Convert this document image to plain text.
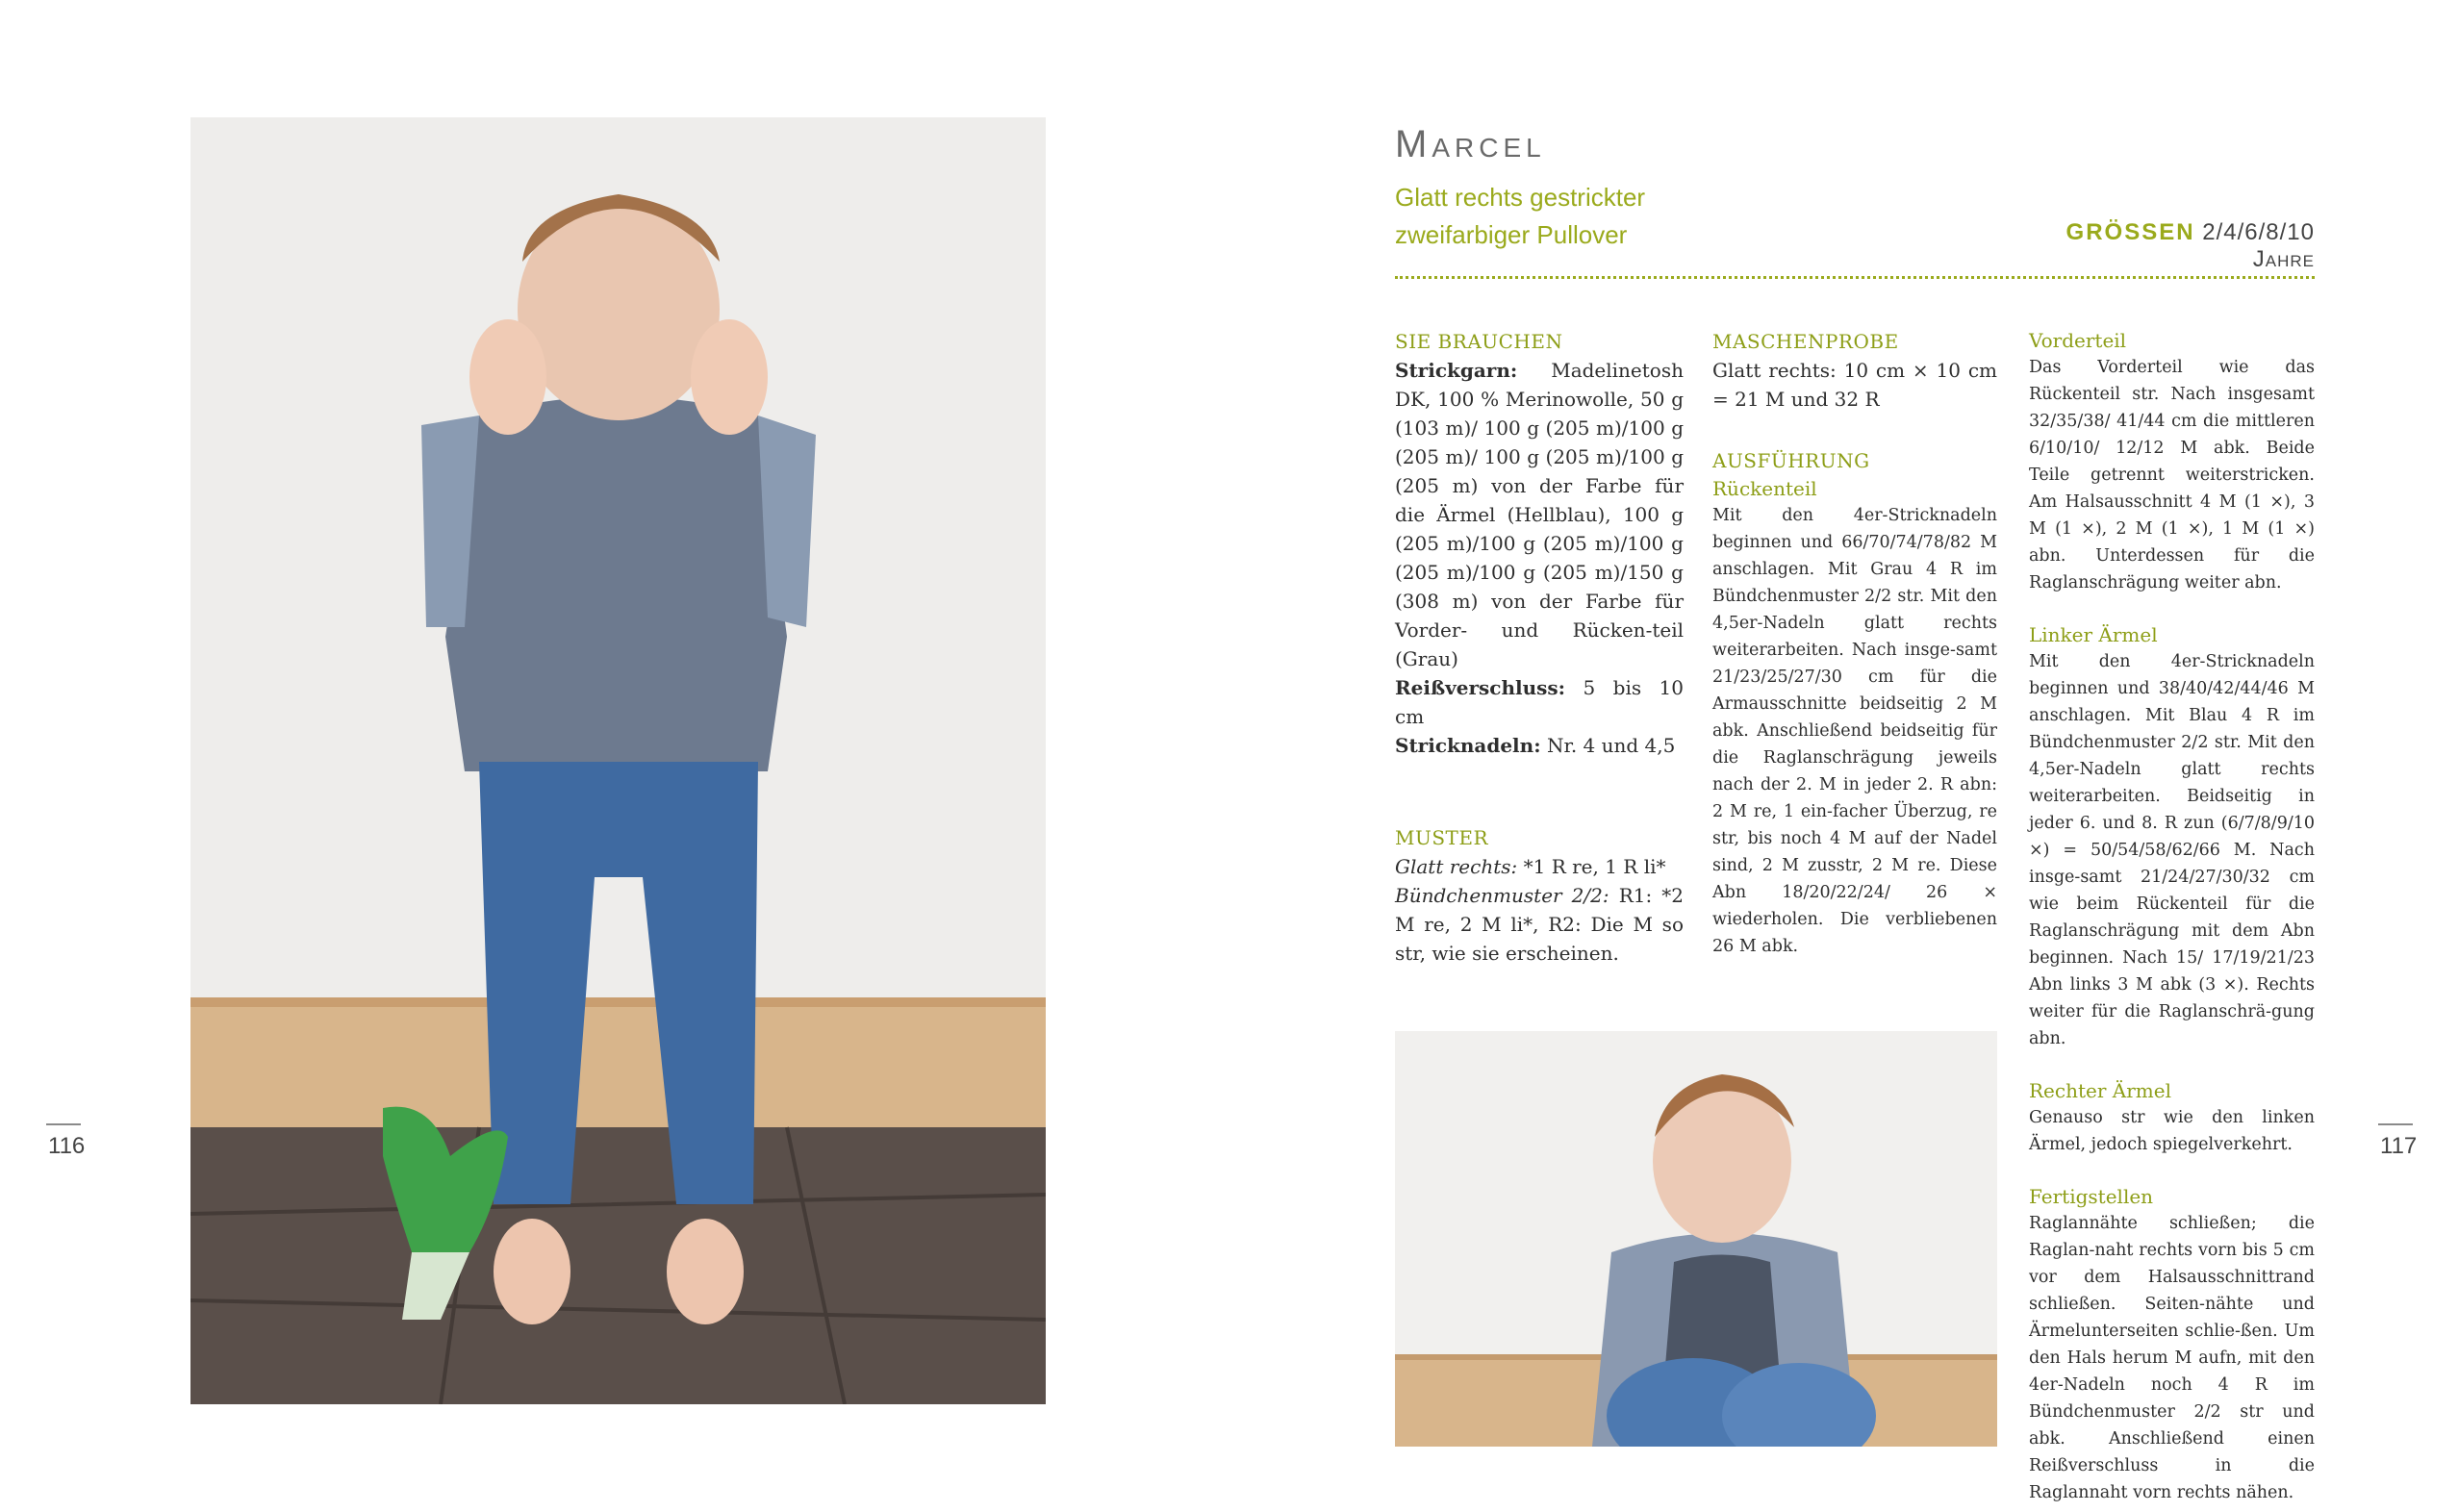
116	117
Marcel
Glatt rechts gestrickter
zweifarbiger Pullover	GRÖSSEN 2/4/6/8/10 Jahre

SIE BRAUCHEN

Strickgarn: Madelinetosh DK, 100 % Merinowolle, 50 g (103 m)/ 100 g (205 m)/100 g (205 m)/ 100 g (205 m)/100 g (205 m) von der Farbe für die Ärmel (Hellblau), 100 g (205 m)/100 g (205 m)/100 g (205 m)/100 g (205 m)/150 g (308 m) von der Farbe für Vorder- und Rücken-teil (Grau)

Reißverschluss: 5 bis 10 cm

Stricknadeln: Nr. 4 und 4,5

MUSTER

Glatt rechts: *1 R re, 1 R li*

Bündchenmuster 2/2: R1: *2 M re, 2 M li*, R2: Die M so str, wie sie erscheinen.

MASCHENPROBE

Glatt rechts: 10 cm × 10 cm = 21 M und 32 R

AUSFÜHRUNG

Rückenteil

Mit den 4er-Stricknadeln beginnen und 66/70/74/78/82 M anschlagen. Mit Grau 4 R im Bündchenmuster 2/2 str. Mit den 4,5er-Nadeln glatt rechts weiterarbeiten. Nach insge-samt 21/23/25/27/30 cm für die Armausschnitte beidseitig 2 M abk. Anschließend beidseitig für die Raglanschrägung jeweils nach der 2. M in jeder 2. R abn: 2 M re, 1 ein-facher Überzug, re str, bis noch 4 M auf der Nadel sind, 2 M zusstr, 2 M re. Diese Abn 18/20/22/24/ 26 × wiederholen. Die verbliebenen 26 M abk.

Vorderteil

Das Vorderteil wie das Rückenteil str. Nach insgesamt 32/35/38/ 41/44 cm die mittleren 6/10/10/ 12/12 M abk. Beide Teile getrennt weiterstricken. Am Halsausschnitt 4 M (1 ×), 3 M (1 ×), 2 M (1 ×), 1 M (1 ×) abn. Unterdessen für die Raglanschrägung weiter abn.

Linker Ärmel

Mit den 4er-Stricknadeln beginnen und 38/40/42/44/46 M anschlagen. Mit Blau 4 R im Bündchenmuster 2/2 str. Mit den 4,5er-Nadeln glatt rechts weiterarbeiten. Beidseitig in jeder 6. und 8. R zun (6/7/8/9/10 ×) = 50/54/58/62/66 M. Nach insge-samt 21/24/27/30/32 cm wie beim Rückenteil für die Raglanschrägung mit dem Abn beginnen. Nach 15/ 17/19/21/23 Abn links 3 M abk (3 ×). Rechts weiter für die Raglanschrä-gung abn.

Rechter Ärmel

Genauso str wie den linken Ärmel, jedoch spiegelverkehrt.

Fertigstellen

Raglannähte schließen; die Raglan-naht rechts vorn bis 5 cm vor dem Halsausschnittrand schließen. Seiten-nähte und Ärmelunterseiten schlie-ßen. Um den Hals herum M aufn, mit den 4er-Nadeln noch 4 R im Bündchenmuster 2/2 str und abk. Anschließend einen Reißverschluss in die Raglannaht vorn rechts nähen.
